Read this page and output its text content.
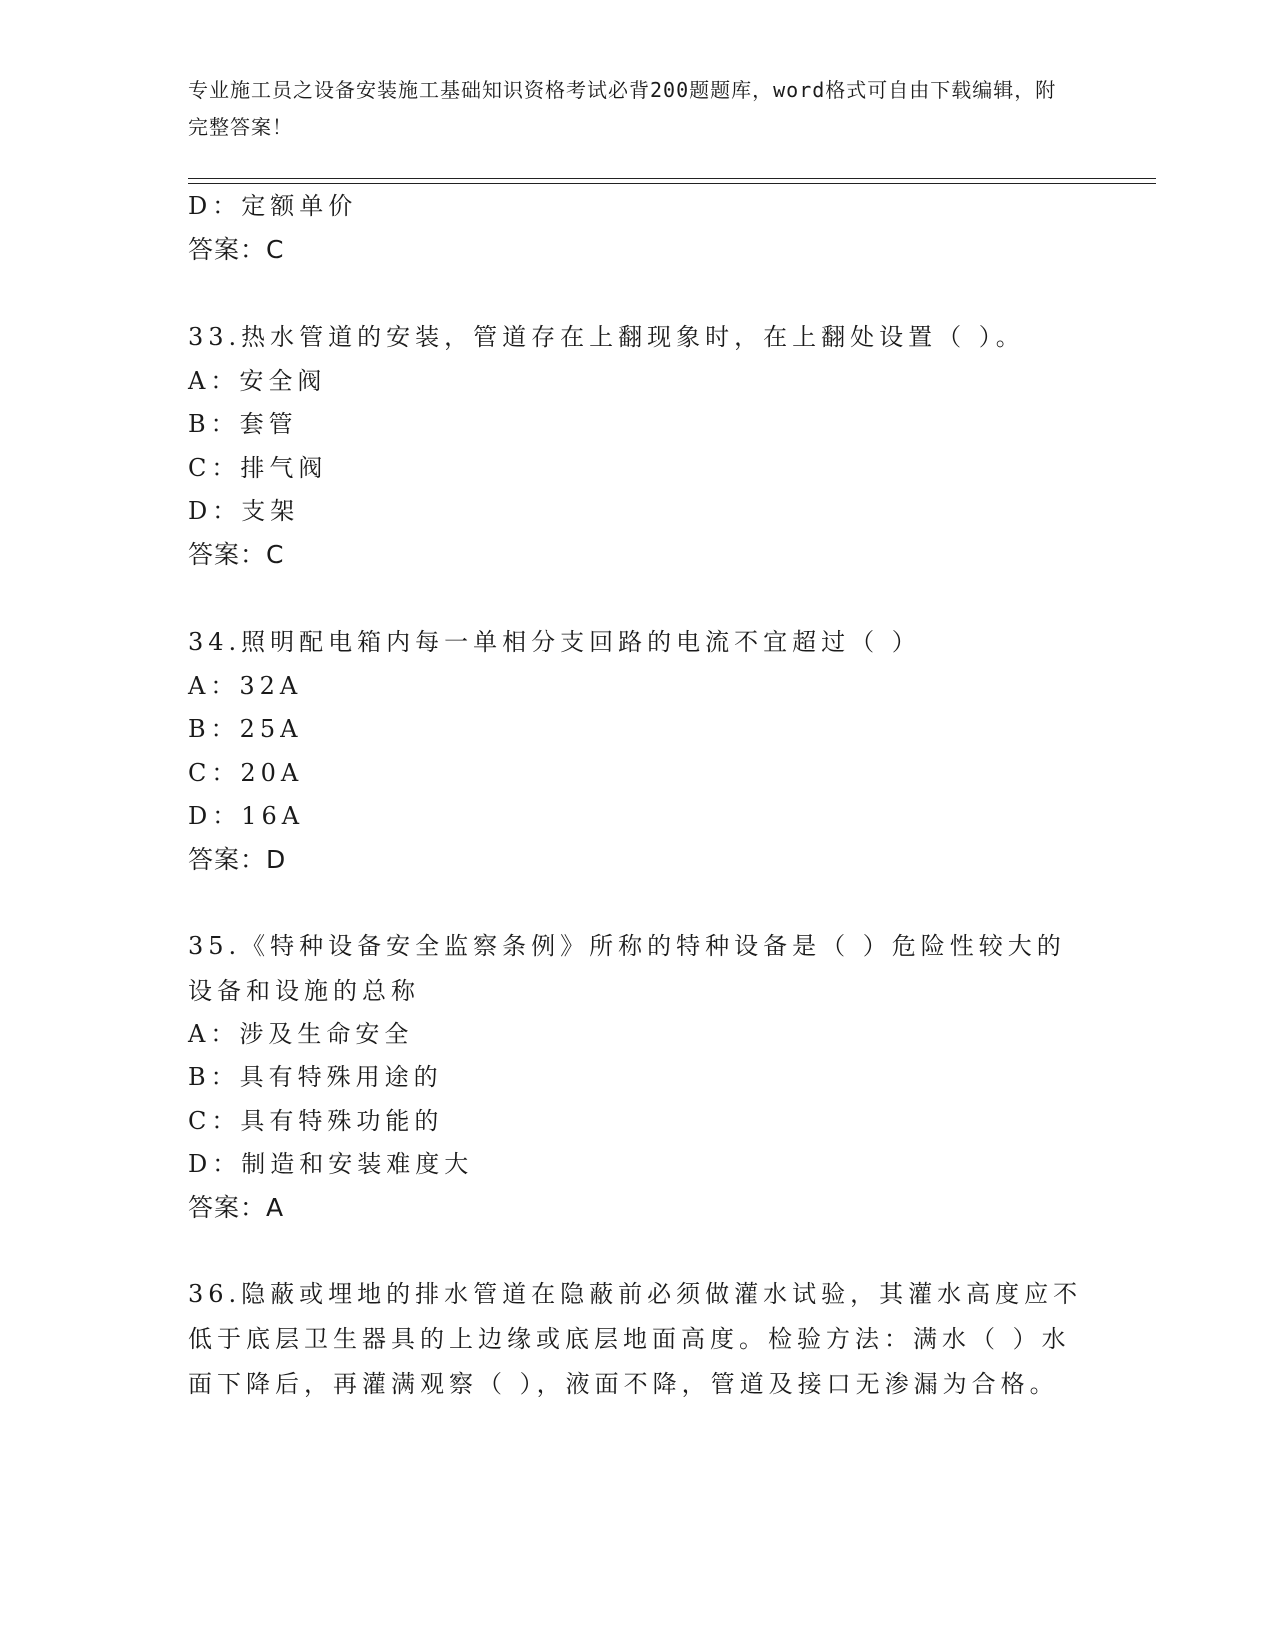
专业施工员之设备安装施工基础知识资格考试必背200题题库，word格式可自由下载编辑，附完整答案！
D：定额单价
答案：C
33.热水管道的安装，管道存在上翻现象时，在上翻处设置（ ）。
A：安全阀
B：套管
C：排气阀
D：支架
答案：C
34.照明配电箱内每一单相分支回路的电流不宜超过（ ）
A：32A
B：25A
C：20A
D：16A
答案：D
35.《特种设备安全监察条例》所称的特种设备是（ ）危险性较大的设备和设施的总称
A：涉及生命安全
B：具有特殊用途的
C：具有特殊功能的
D：制造和安装难度大
答案：A
36.隐蔽或埋地的排水管道在隐蔽前必须做灌水试验，其灌水高度应不低于底层卫生器具的上边缘或底层地面高度。检验方法：满水（ ）水面下降后，再灌满观察（ ），液面不降，管道及接口无渗漏为合格。
